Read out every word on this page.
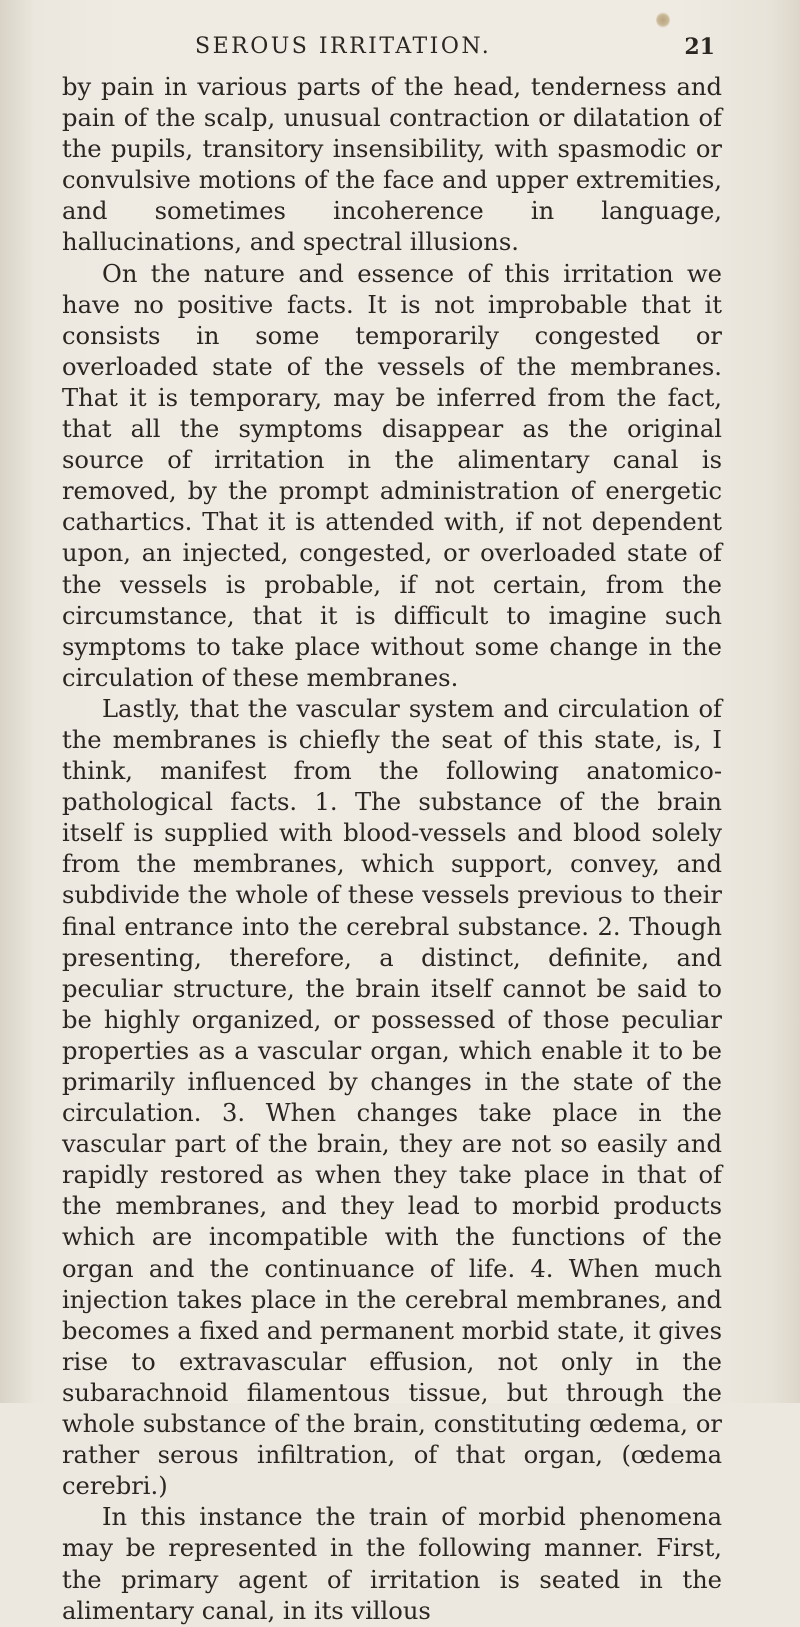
SEROUS IRRITATION.	21

by pain in various parts of the head, tenderness and pain of the scalp, unusual contraction or dilatation of the pupils, transitory insensibility, with spasmodic or convulsive motions of the face and upper extremities, and sometimes incoherence in language, hallucinations, and spectral illusions.

On the nature and essence of this irritation we have no positive facts. It is not improbable that it consists in some temporarily congested or overloaded state of the vessels of the membranes. That it is temporary, may be inferred from the fact, that all the symptoms disappear as the original source of irritation in the alimentary canal is removed, by the prompt administration of energetic cathartics. That it is attended with, if not dependent upon, an injected, congested, or overloaded state of the vessels is probable, if not certain, from the circumstance, that it is difficult to imagine such symptoms to take place without some change in the circulation of these membranes.

Lastly, that the vascular system and circulation of the membranes is chiefly the seat of this state, is, I think, manifest from the following anatomico-pathological facts. 1. The substance of the brain itself is supplied with blood-vessels and blood solely from the membranes, which support, convey, and subdivide the whole of these vessels previous to their final entrance into the cerebral substance. 2. Though presenting, therefore, a distinct, definite, and peculiar structure, the brain itself cannot be said to be highly organized, or possessed of those peculiar properties as a vascular organ, which enable it to be primarily influenced by changes in the state of the circulation. 3. When changes take place in the vascular part of the brain, they are not so easily and rapidly restored as when they take place in that of the membranes, and they lead to morbid products which are incompatible with the functions of the organ and the continuance of life. 4. When much injection takes place in the cerebral membranes, and becomes a fixed and permanent morbid state, it gives rise to extravascular effusion, not only in the subarachnoid filamentous tissue, but through the whole substance of the brain, constituting œdema, or rather serous infiltration, of that organ, (œdema cerebri.)

In this instance the train of morbid phenomena may be represented in the following manner. First, the primary agent of irritation is seated in the alimentary canal, in its villous
